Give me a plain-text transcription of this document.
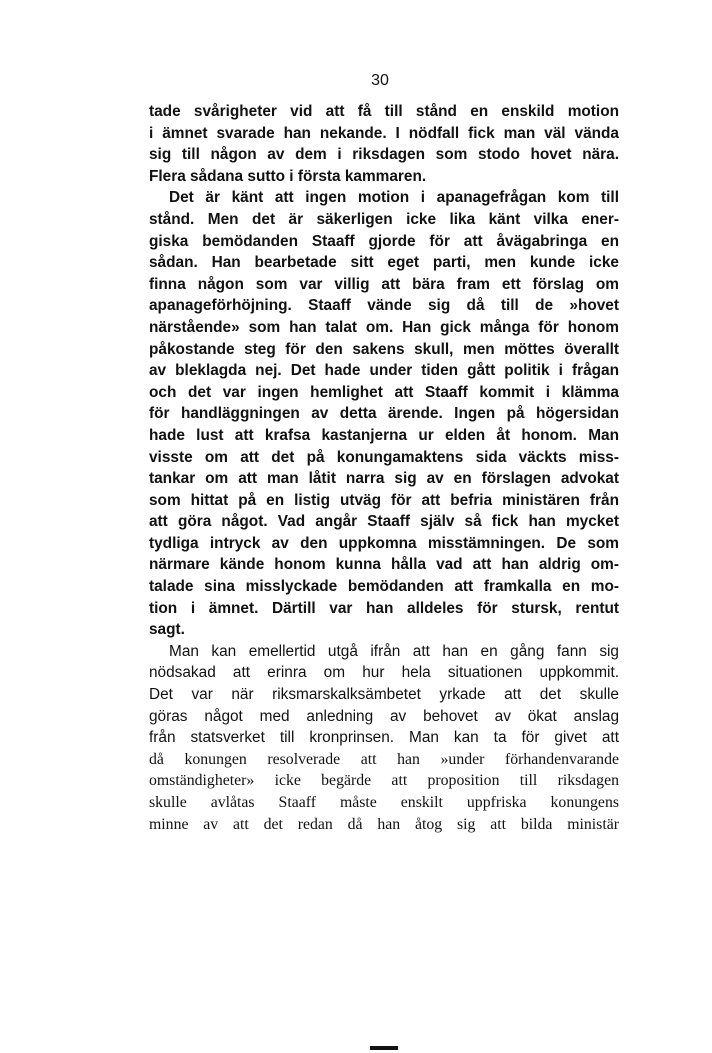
30
tade svårigheter vid att få till stånd en enskild motion
i ämnet svarade han nekande. I nödfall fick man väl vända
sig till någon av dem i riksdagen som stodo hovet nära.
Flera sådana sutto i första kammaren.
Det är känt att ingen motion i apanagefrågan kom till
stånd. Men det är säkerligen icke lika känt vilka ener-
giska bemödanden Staaff gjorde för att åvägabringa en
sådan. Han bearbetade sitt eget parti, men kunde icke
finna någon som var villig att bära fram ett förslag om
apanageförhöjning. Staaff vände sig då till de »hovet
närstående» som han talat om. Han gick många för honom
påkostande steg för den sakens skull, men möttes överallt
av bleklagda nej. Det hade under tiden gått politik i frågan
och det var ingen hemlighet att Staaff kommit i klämma
för handläggningen av detta ärende. Ingen på högersidan
hade lust att krafsa kastanjerna ur elden åt honom. Man
visste om att det på konungamaktens sida väckts miss-
tankar om att man låtit narra sig av en förslagen advokat
som hittat på en listig utväg för att befria ministären från
att göra något. Vad angår Staaff själv så fick han mycket
tydliga intryck av den uppkomna misstämningen. De som
närmare kände honom kunna hålla vad att han aldrig om-
talade sina misslyckade bemödanden att framkalla en mo-
tion i ämnet. Därtill var han alldeles för stursk, rentut
sagt.
Man kan emellertid utgå ifrån att han en gång fann sig
nödsakad att erinra om hur hela situationen uppkommit.
Det var när riksmarskalksämbetet yrkade att det skulle
göras något med anledning av behovet av ökat anslag
från statsverket till kronprinsen. Man kan ta för givet att
då konungen resolverade att han »under förhandenvarande
omständigheter» icke begärde att proposition till riksdagen
skulle avlåtas Staaff måste enskilt uppfriska konungens
minne av att det redan då han åtog sig att bilda ministär
